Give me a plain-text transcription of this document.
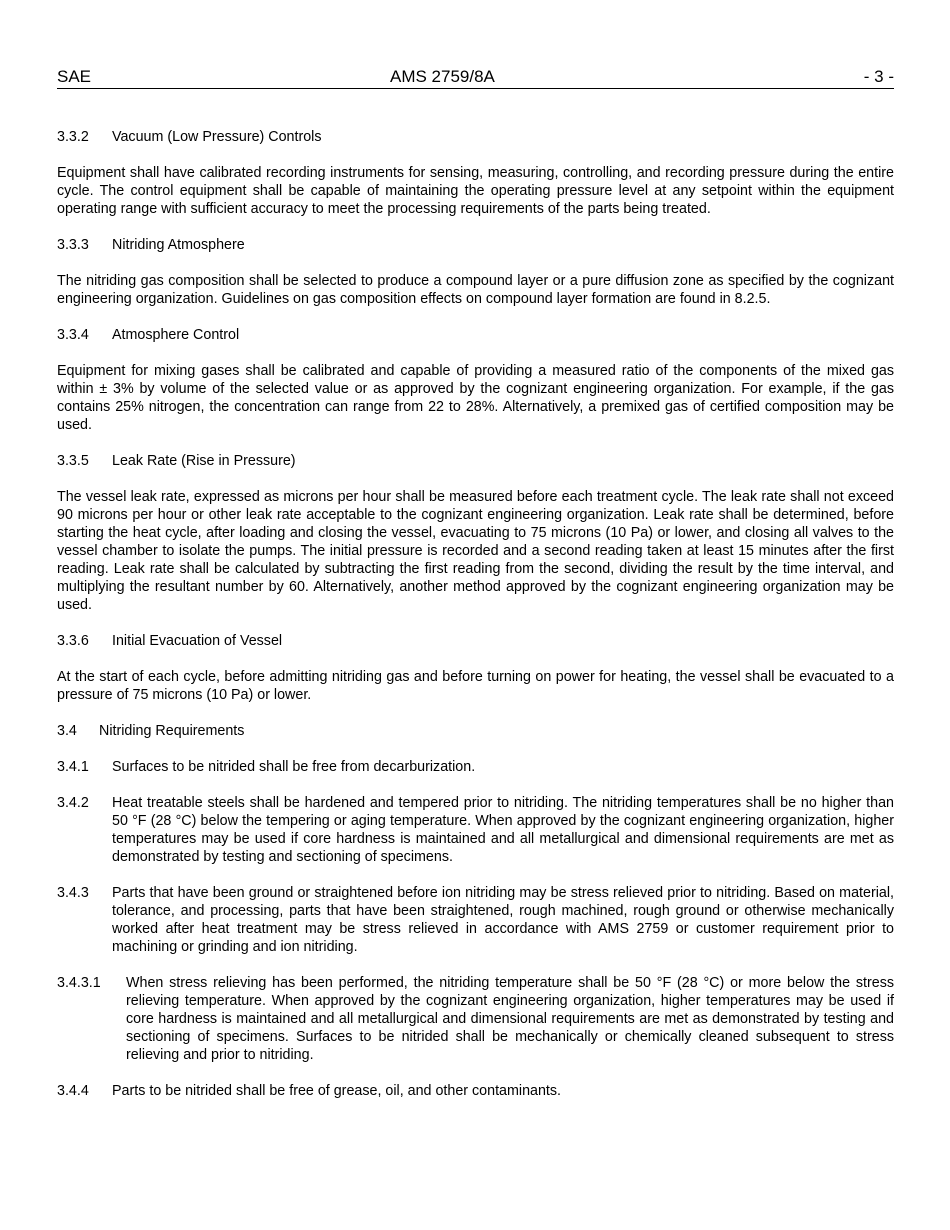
SAE	AMS 2759/8A	- 3 -
3.3.2 Vacuum (Low Pressure) Controls

Equipment shall have calibrated recording instruments for sensing, measuring, controlling, and recording pressure during the entire cycle. The control equipment shall be capable of maintaining the operating pressure level at any setpoint within the equipment operating range with sufficient accuracy to meet the processing requirements of the parts being treated.

3.3.3 Nitriding Atmosphere

The nitriding gas composition shall be selected to produce a compound layer or a pure diffusion zone as specified by the cognizant engineering organization. Guidelines on gas composition effects on compound layer formation are found in 8.2.5.

3.3.4 Atmosphere Control

Equipment for mixing gases shall be calibrated and capable of providing a measured ratio of the components of the mixed gas within ± 3% by volume of the selected value or as approved by the cognizant engineering organization. For example, if the gas contains 25% nitrogen, the concentration can range from 22 to 28%. Alternatively, a premixed gas of certified composition may be used.

3.3.5 Leak Rate (Rise in Pressure)

The vessel leak rate, expressed as microns per hour shall be measured before each treatment cycle. The leak rate shall not exceed 90 microns per hour or other leak rate acceptable to the cognizant engineering organization. Leak rate shall be determined, before starting the heat cycle, after loading and closing the vessel, evacuating to 75 microns (10 Pa) or lower, and closing all valves to the vessel chamber to isolate the pumps. The initial pressure is recorded and a second reading taken at least 15 minutes after the first reading. Leak rate shall be calculated by subtracting the first reading from the second, dividing the result by the time interval, and multiplying the resultant number by 60. Alternatively, another method approved by the cognizant engineering organization may be used.

3.3.6 Initial Evacuation of Vessel

At the start of each cycle, before admitting nitriding gas and before turning on power for heating, the vessel shall be evacuated to a pressure of 75 microns (10 Pa) or lower.

3.4 Nitriding Requirements
3.4.1	Surfaces to be nitrided shall be free from decarburization.
3.4.2	Heat treatable steels shall be hardened and tempered prior to nitriding. The nitriding temperatures shall be no higher than 50 °F (28 °C) below the tempering or aging temperature. When approved by the cognizant engineering organization, higher temperatures may be used if core hardness is maintained and all metallurgical and dimensional requirements are met as demonstrated by testing and sectioning of specimens.
3.4.3	Parts that have been ground or straightened before ion nitriding may be stress relieved prior to nitriding. Based on material, tolerance, and processing, parts that have been straightened, rough machined, rough ground or otherwise mechanically worked after heat treatment may be stress relieved in accordance with AMS 2759 or customer requirement prior to machining or grinding and ion nitriding.
3.4.3.1	When stress relieving has been performed, the nitriding temperature shall be 50 °F (28 °C) or more below the stress relieving temperature. When approved by the cognizant engineering organization, higher temperatures may be used if core hardness is maintained and all metallurgical and dimensional requirements are met as demonstrated by testing and sectioning of specimens. Surfaces to be nitrided shall be mechanically or chemically cleaned subsequent to stress relieving and prior to nitriding.
3.4.4	Parts to be nitrided shall be free of grease, oil, and other contaminants.
